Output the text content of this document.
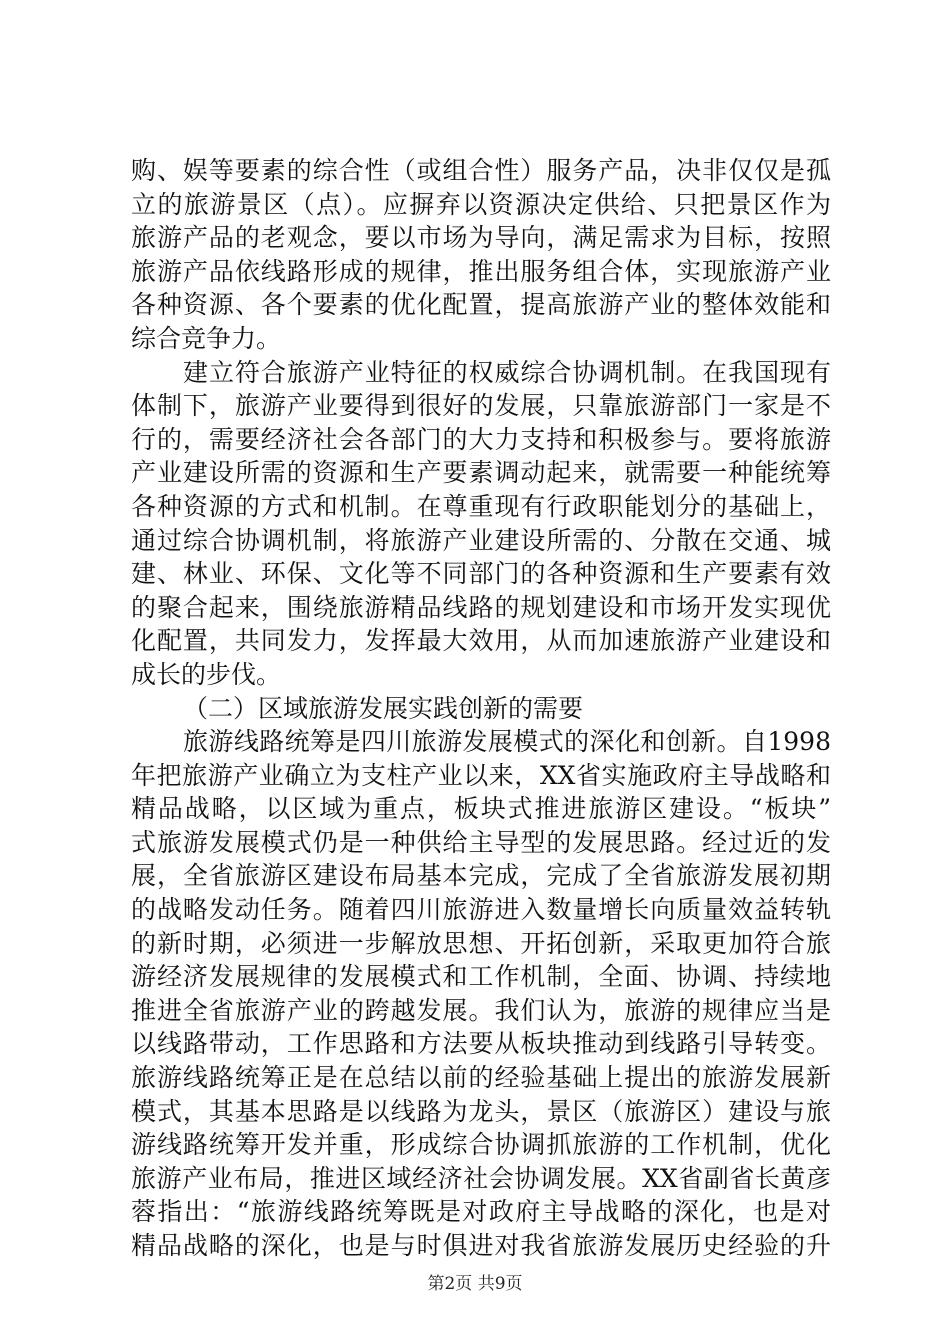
购、娱等要素的综合性（或组合性）服务产品，决非仅仅是孤
立的旅游景区（点）。应摒弃以资源决定供给、只把景区作为
旅游产品的老观念，要以市场为导向，满足需求为目标，按照
旅游产品依线路形成的规律，推出服务组合体，实现旅游产业
各种资源、各个要素的优化配置，提高旅游产业的整体效能和
综合竞争力。
建立符合旅游产业特征的权威综合协调机制。在我国现有
体制下，旅游产业要得到很好的发展，只靠旅游部门一家是不
行的，需要经济社会各部门的大力支持和积极参与。要将旅游
产业建设所需的资源和生产要素调动起来，就需要一种能统筹
各种资源的方式和机制。在尊重现有行政职能划分的基础上，
通过综合协调机制，将旅游产业建设所需的、分散在交通、城
建、林业、环保、文化等不同部门的各种资源和生产要素有效
的聚合起来，围绕旅游精品线路的规划建设和市场开发实现优
化配置，共同发力，发挥最大效用，从而加速旅游产业建设和
成长的步伐。
（二）区域旅游发展实践创新的需要
旅游线路统筹是四川旅游发展模式的深化和创新。自1998
年把旅游产业确立为支柱产业以来，XX省实施政府主导战略和
精品战略，以区域为重点，板块式推进旅游区建设。“板块”
式旅游发展模式仍是一种供给主导型的发展思路。经过近的发
展，全省旅游区建设布局基本完成，完成了全省旅游发展初期
的战略发动任务。随着四川旅游进入数量增长向质量效益转轨
的新时期，必须进一步解放思想、开拓创新，采取更加符合旅
游经济发展规律的发展模式和工作机制，全面、协调、持续地
推进全省旅游产业的跨越发展。我们认为，旅游的规律应当是
以线路带动，工作思路和方法要从板块推动到线路引导转变。
旅游线路统筹正是在总结以前的经验基础上提出的旅游发展新
模式，其基本思路是以线路为龙头，景区（旅游区）建设与旅
游线路统筹开发并重，形成综合协调抓旅游的工作机制，优化
旅游产业布局，推进区域经济社会协调发展。XX省副省长黄彦
蓉指出：“旅游线路统筹既是对政府主导战略的深化，也是对
精品战略的深化，也是与时俱进对我省旅游发展历史经验的升
第2页 共9页
